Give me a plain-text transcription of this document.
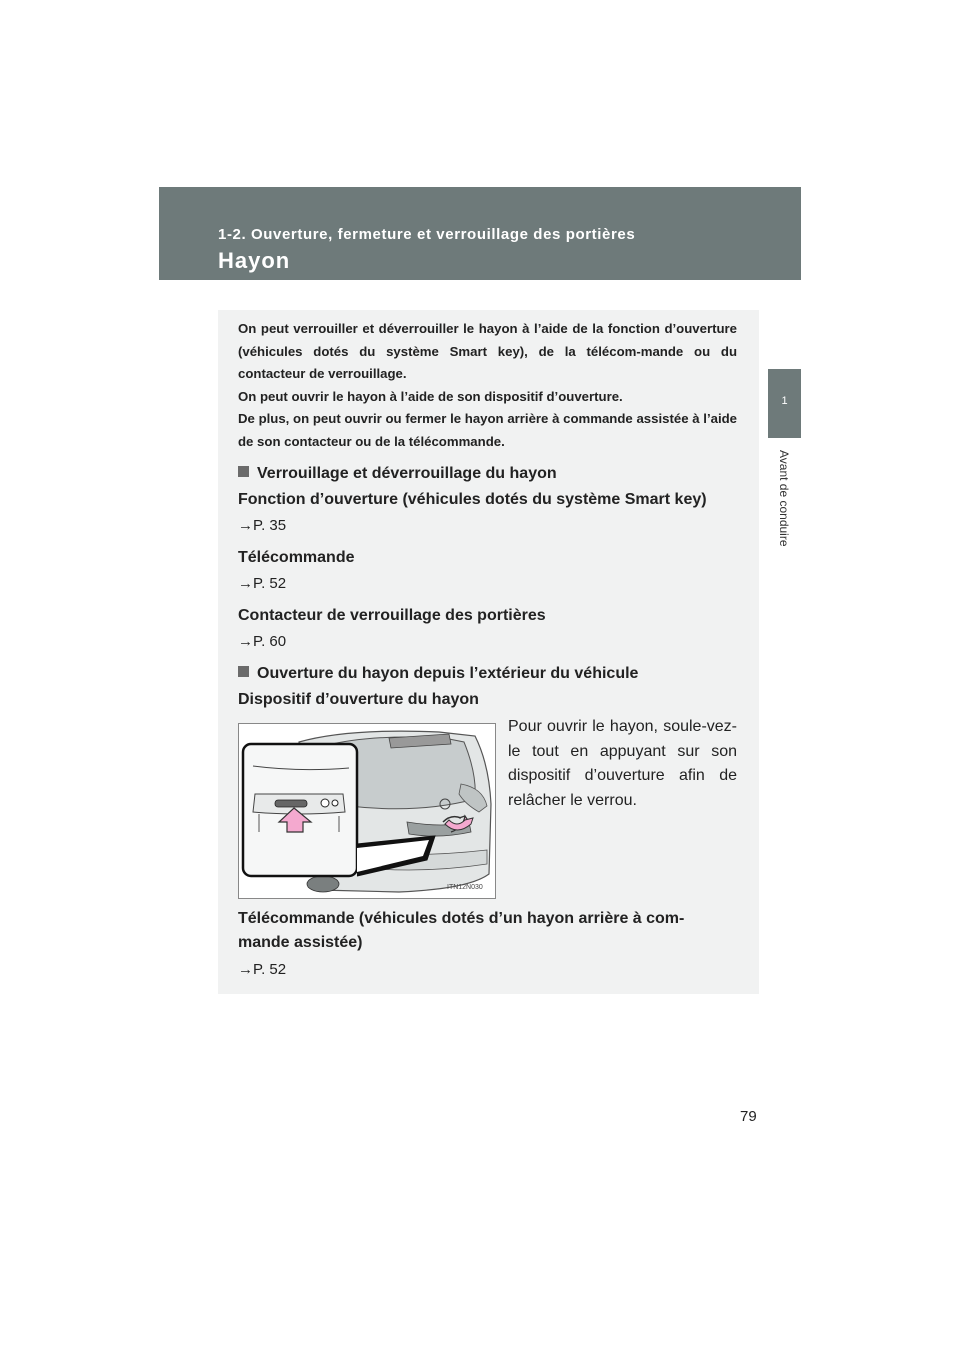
1-2. Ouverture, fermeture et verrouillage des portières
Hayon
1
Avant de conduire

On peut verrouiller et déverrouiller le hayon à l’aide de la fonction d’ouverture (véhicules dotés du système Smart key), de la télécom-mande ou du contacteur de verrouillage.

On peut ouvrir le hayon à l’aide de son dispositif d’ouverture.

De plus, on peut ouvrir ou fermer le hayon arrière à commande assistée à l’aide de son contacteur ou de la télécommande.

Verrouillage et déverrouillage du hayon
Fonction d’ouverture (véhicules dotés du système Smart key)
→P. 35
Télécommande
→P. 52
Contacteur de verrouillage des portières
→P. 60
Ouverture du hayon depuis l’extérieur du véhicule
Dispositif d’ouverture du hayon
ITN12N030

Pour ouvrir le hayon, soule-vez-le tout en appuyant sur son dispositif d’ouverture afin de relâcher le verrou.

Télécommande (véhicules dotés d’un hayon arrière à com-
mande assistée)
→P. 52
79
